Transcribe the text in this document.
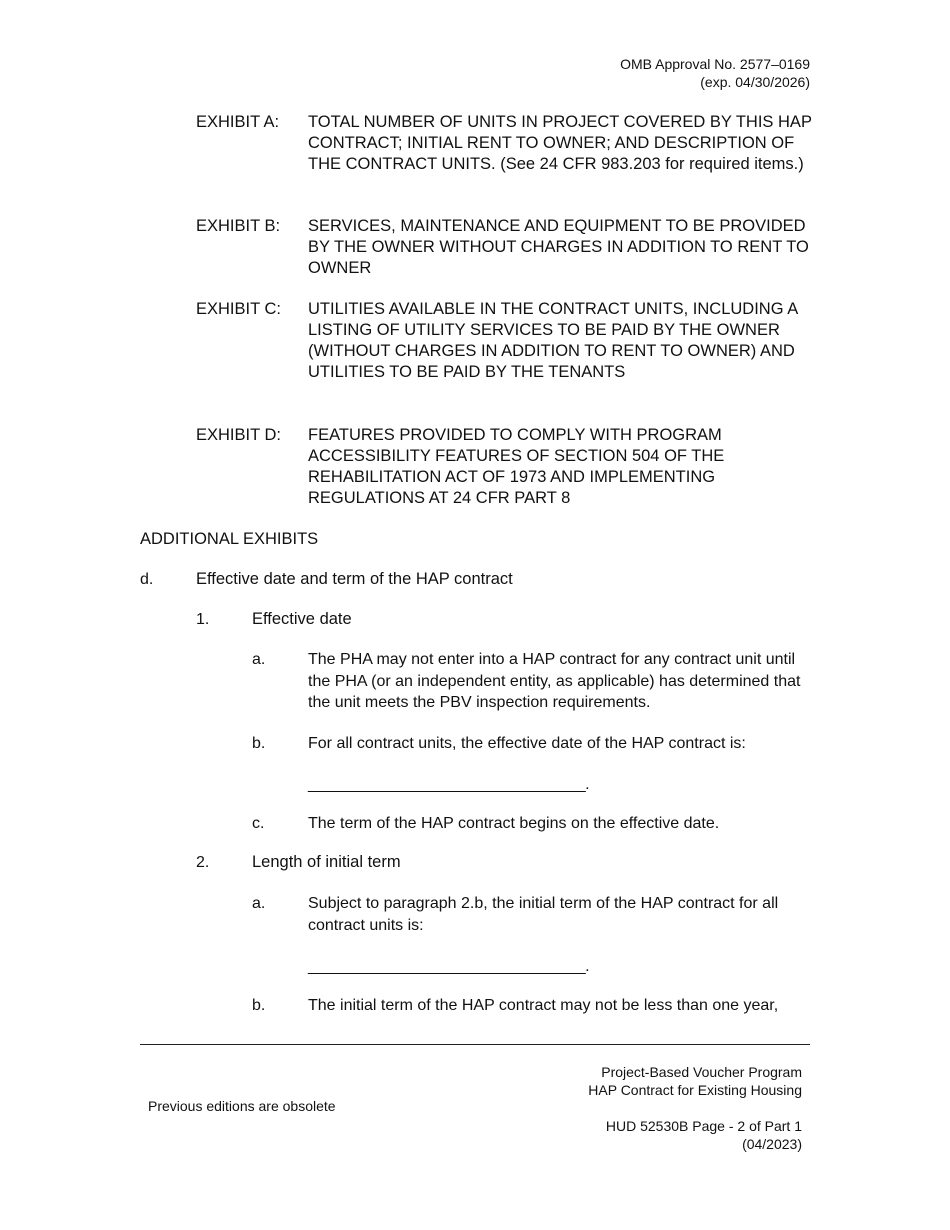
OMB Approval No. 2577–0169
(exp. 04/30/2026)
EXHIBIT A:	TOTAL NUMBER OF UNITS IN PROJECT COVERED BY THIS HAP CONTRACT; INITIAL RENT TO OWNER; AND DESCRIPTION OF THE CONTRACT UNITS. (See 24 CFR 983.203 for required items.)
EXHIBIT B:	SERVICES, MAINTENANCE AND EQUIPMENT TO BE PROVIDED BY THE OWNER WITHOUT CHARGES IN ADDITION TO RENT TO OWNER
EXHIBIT C:	UTILITIES AVAILABLE IN THE CONTRACT UNITS, INCLUDING A LISTING OF UTILITY SERVICES TO BE PAID BY THE OWNER (WITHOUT CHARGES IN ADDITION TO RENT TO OWNER) AND UTILITIES TO BE PAID BY THE TENANTS
EXHIBIT D:	FEATURES PROVIDED TO COMPLY WITH PROGRAM ACCESSIBILITY FEATURES OF SECTION 504 OF THE REHABILITATION ACT OF 1973 AND IMPLEMENTING REGULATIONS AT 24 CFR PART 8
ADDITIONAL EXHIBITS
d.	Effective date and term of the HAP contract
1.	Effective date
a.	The PHA may not enter into a HAP contract for any contract unit until the PHA (or an independent entity, as applicable) has determined that the unit meets the PBV inspection requirements.
b.	For all contract units, the effective date of the HAP contract is:
_________________________________.
c.	The term of the HAP contract begins on the effective date.
2.	Length of initial term
a.	Subject to paragraph 2.b, the initial term of the HAP contract for all contract units is:
_________________________________.
b.	The initial term of the HAP contract may not be less than one year,
Project-Based Voucher Program
HAP Contract for Existing Housing
Previous editions are obsolete
HUD 52530B Page - 2 of Part 1
(04/2023)
